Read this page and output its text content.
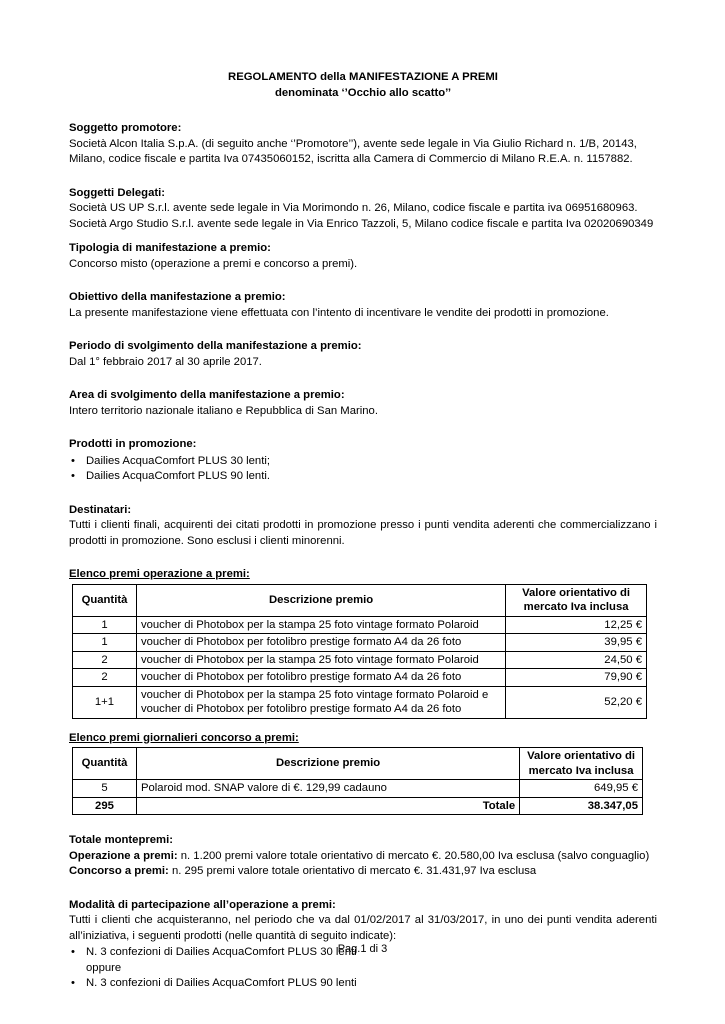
REGOLAMENTO della MANIFESTAZIONE A PREMI
denominata ‘’Occhio allo scatto’’
Soggetto promotore:
Società Alcon Italia S.p.A. (di seguito anche ‘’Promotore’’), avente sede legale in Via Giulio Richard n. 1/B, 20143, Milano, codice fiscale e partita Iva 07435060152, iscritta alla Camera di Commercio di Milano R.E.A. n. 1157882.
Soggetti Delegati:
Società US UP S.r.l. avente sede legale in Via Morimondo n. 26, Milano, codice fiscale e partita iva 06951680963.
Società Argo Studio S.r.l. avente sede legale in Via Enrico Tazzoli, 5, Milano codice fiscale e partita Iva 02020690349
Tipologia di manifestazione a premio:
Concorso misto (operazione a premi e concorso a premi).
Obiettivo della manifestazione a premio:
La presente manifestazione viene effettuata con l’intento di incentivare le vendite dei prodotti in promozione.
Periodo di svolgimento della manifestazione a premio:
Dal 1° febbraio 2017 al 30 aprile 2017.
Area di svolgimento della manifestazione a premio:
Intero territorio nazionale italiano e Repubblica di San Marino.
Prodotti in promozione:
• Dailies AcquaComfort PLUS 30 lenti;
• Dailies AcquaComfort PLUS 90 lenti.
Destinatari:
Tutti i clienti finali, acquirenti dei citati prodotti in promozione presso i punti vendita aderenti che commercializzano i prodotti in promozione. Sono esclusi i clienti minorenni.
Elenco premi operazione a premi:
Quantità	Descrizione premio	Valore orientativo di mercato Iva inclusa
1	voucher di Photobox per la stampa 25 foto vintage formato Polaroid	12,25 €
1	voucher di Photobox per fotolibro prestige formato A4 da 26 foto	39,95 €
2	voucher di Photobox per la stampa 25 foto vintage formato Polaroid	24,50 €
2	voucher di Photobox per fotolibro prestige formato A4 da 26 foto	79,90 €
1+1	voucher di Photobox per la stampa 25 foto vintage formato Polaroid e voucher di Photobox per fotolibro prestige formato A4 da 26 foto	52,20 €
Elenco premi giornalieri concorso a premi:
Quantità	Descrizione premio	Valore orientativo di mercato Iva inclusa
5	Polaroid mod. SNAP valore di €. 129,99 cadauno	649,95 €
295	Totale	38.347,05
Totale montepremi:
Operazione a premi: n. 1.200 premi valore totale orientativo di mercato €. 20.580,00 Iva esclusa (salvo conguaglio)
Concorso a premi: n. 295 premi valore totale orientativo di mercato €. 31.431,97 Iva esclusa
Modalità di partecipazione all’operazione a premi:
Tutti i clienti che acquisteranno, nel periodo che va dal 01/02/2017 al 31/03/2017, in uno dei punti vendita aderenti all’iniziativa, i seguenti prodotti (nelle quantità di seguito indicate):
• N. 3 confezioni di Dailies AcquaComfort PLUS 30 lenti
oppure
• N. 3 confezioni di Dailies AcquaComfort PLUS 90 lenti
Pag.1 di 3
